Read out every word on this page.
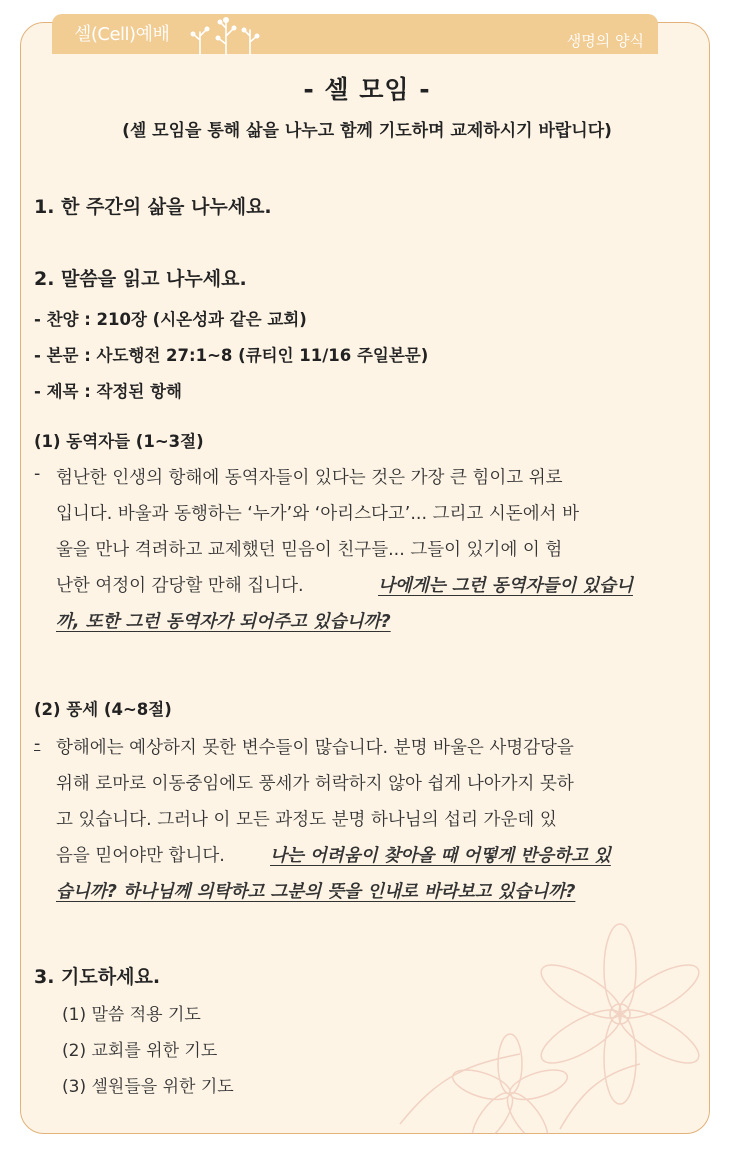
셀(Cell)예배	생명의 양식
- 셀 모임 -
(셀 모임을 통해 삶을 나누고 함께 기도하며 교제하시기 바랍니다)
1. 한 주간의 삶을 나누세요.
2. 말씀을 읽고 나누세요.
- 찬양 : 210장 (시온성과 같은 교회)
- 본문 : 사도행전 27:1~8 (큐티인 11/16 주일본문)
- 제목 : 작정된 항해
(1) 동역자들 (1~3절)
- 험난한 인생의 항해에 동역자들이 있다는 것은 가장 큰 힘이고 위로
입니다. 바울과 동행하는 ‘누가’와 ‘아리스다고’... 그리고 시돈에서 바
울을 만나 격려하고 교제했던 믿음이 친구들... 그들이 있기에 이 험
난한 여정이 감당할 만해 집니다.	나에게는 그런 동역자들이 있습니
까, 또한 그런 동역자가 되어주고 있습니까?
(2) 풍세 (4~8절)
- 항해에는 예상하지 못한 변수들이 많습니다. 분명 바울은 사명감당을
위해 로마로 이동중임에도 풍세가 허락하지 않아 쉽게 나아가지 못하
고 있습니다. 그러나 이 모든 과정도 분명 하나님의 섭리 가운데 있
음을 믿어야만 합니다.	나는 어려움이 찾아올 때 어떻게 반응하고 있
습니까? 하나님께 의탁하고 그분의 뜻을 인내로 바라보고 있습니까?
3. 기도하세요.
(1) 말씀 적용 기도
(2) 교회를 위한 기도
(3) 셀원들을 위한 기도
